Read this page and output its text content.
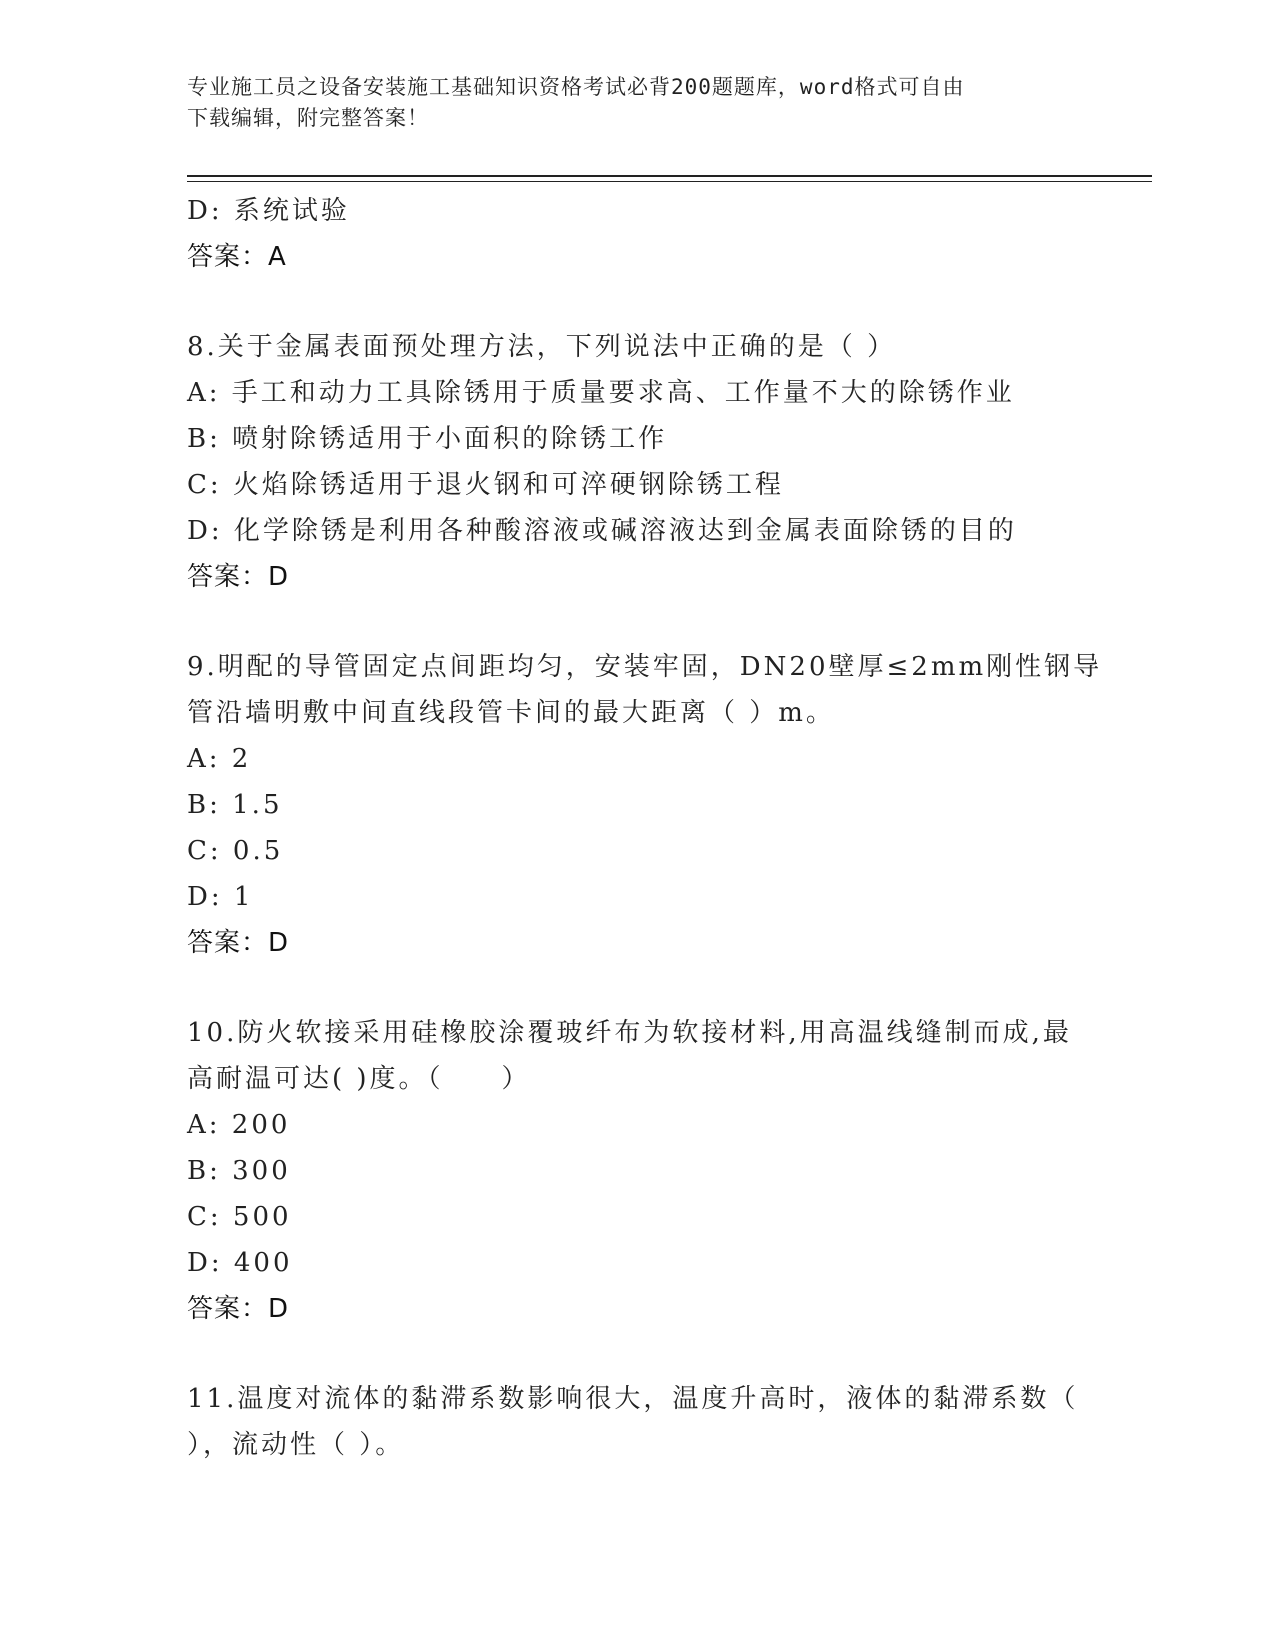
专业施工员之设备安装施工基础知识资格考试必背200题题库，word格式可自由
下载编辑，附完整答案！
D: 系统试验
答案：A
8.关于金属表面预处理方法，下列说法中正确的是（ ）
A: 手工和动力工具除锈用于质量要求高、工作量不大的除锈作业
B: 喷射除锈适用于小面积的除锈工作
C: 火焰除锈适用于退火钢和可淬硬钢除锈工程
D: 化学除锈是利用各种酸溶液或碱溶液达到金属表面除锈的目的
答案：D
9.明配的导管固定点间距均匀，安装牢固，DN20壁厚≤2mm刚性钢导
管沿墙明敷中间直线段管卡间的最大距离（ ）m。
A: 2
B: 1.5
C: 0.5
D: 1
答案：D
10.防火软接采用硅橡胶涂覆玻纤布为软接材料,用高温线缝制而成,最
高耐温可达( )度。（　　）
A: 200
B: 300
C: 500
D: 400
答案：D
11.温度对流体的黏滞系数影响很大，温度升高时，液体的黏滞系数（
），流动性（ ）。
